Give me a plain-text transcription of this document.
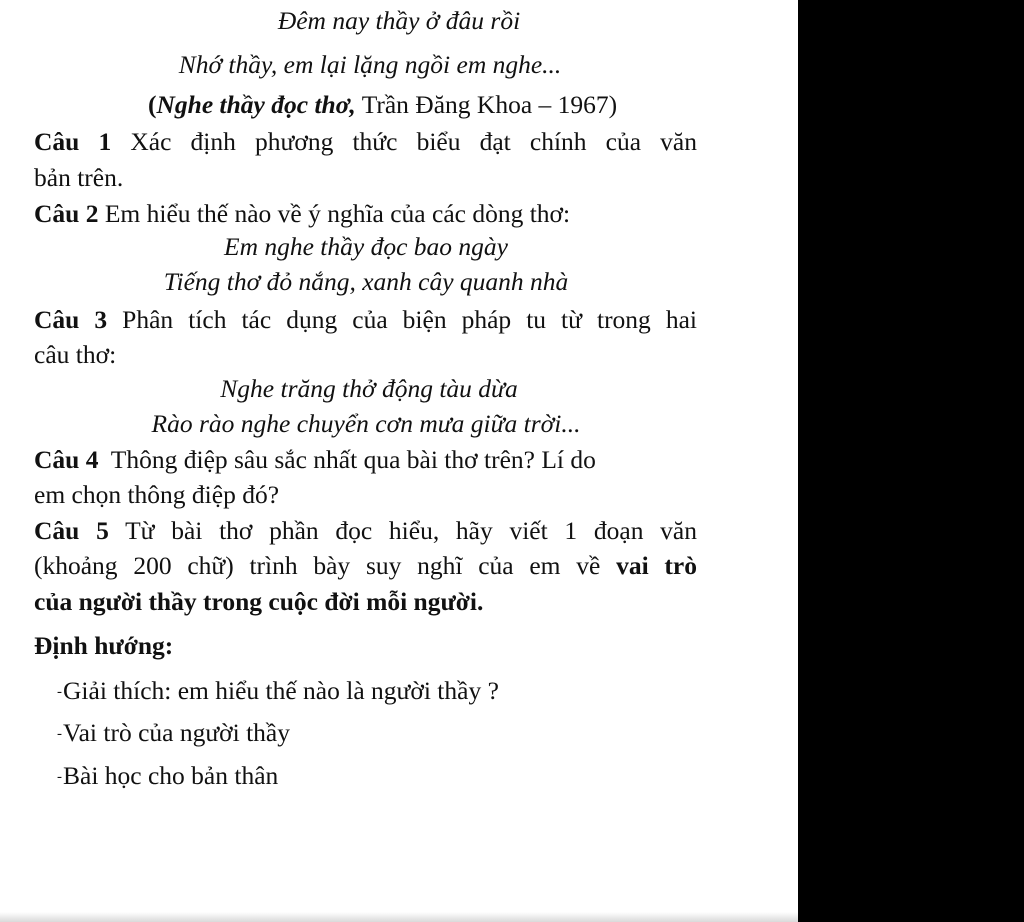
Đêm nay thầy ở đâu rồi
Nhớ thầy, em lại lặng ngồi em nghe...
(Nghe thầy đọc thơ, Trần Đăng Khoa – 1967)
Câu 1 Xác định phương thức biểu đạt chính của văn
bản trên.
Câu 2 Em hiểu thế nào về ý nghĩa của các dòng thơ:
Em nghe thầy đọc bao ngày
Tiếng thơ đỏ nắng, xanh cây quanh nhà
Câu 3 Phân tích tác dụng của biện pháp tu từ trong hai
câu thơ:
Nghe trăng thở động tàu dừa
Rào rào nghe chuyển cơn mưa giữa trời...
Câu 4 Thông điệp sâu sắc nhất qua bài thơ trên? Lí do
em chọn thông điệp đó?
Câu 5 Từ bài thơ phần đọc hiểu, hãy viết 1 đoạn văn
(khoảng 200 chữ) trình bày suy nghĩ của em về vai trò
của người thầy trong cuộc đời mỗi người.
Định hướng:
-Giải thích: em hiểu thế nào là người thầy ?
-Vai trò của người thầy
-Bài học cho bản thân
